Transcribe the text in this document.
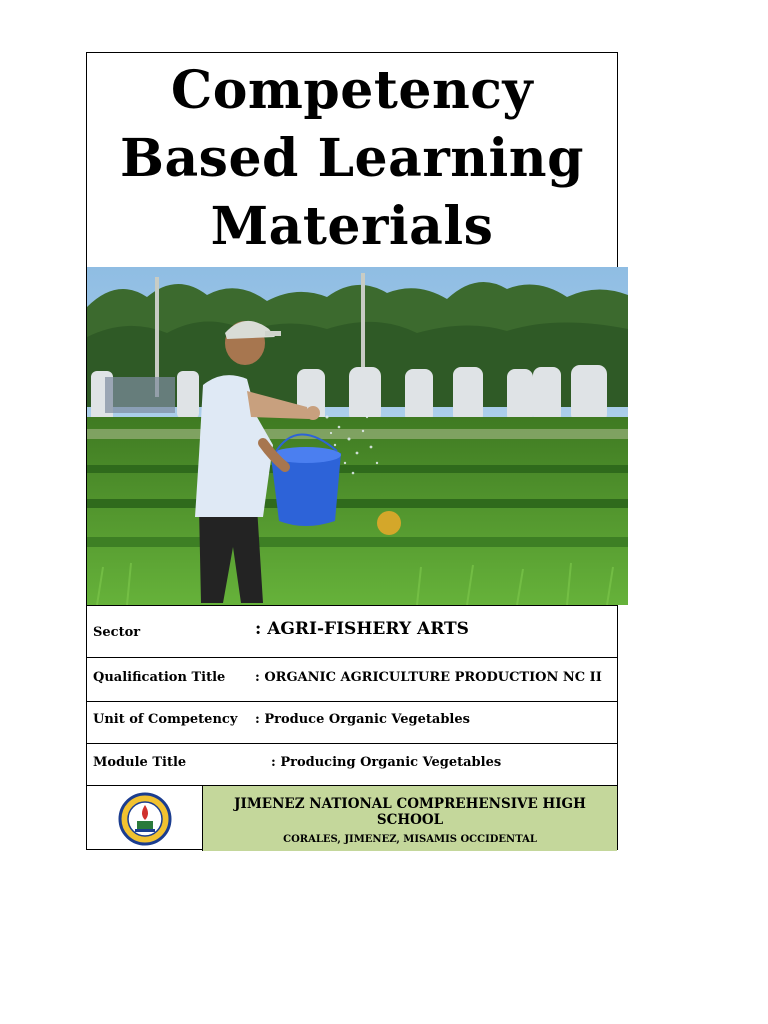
Competency
Based Learning
Materials
Sector	: AGRI-FISHERY ARTS
Qualification Title : ORGANIC AGRICULTURE PRODUCTION NC II
Unit of Competency : Produce Organic Vegetables
Module Title	: Producing Organic Vegetables
JIMENEZ NATIONAL COMPREHENSIVE HIGH SCHOOL
CORALES, JIMENEZ, MISAMIS OCCIDENTAL
